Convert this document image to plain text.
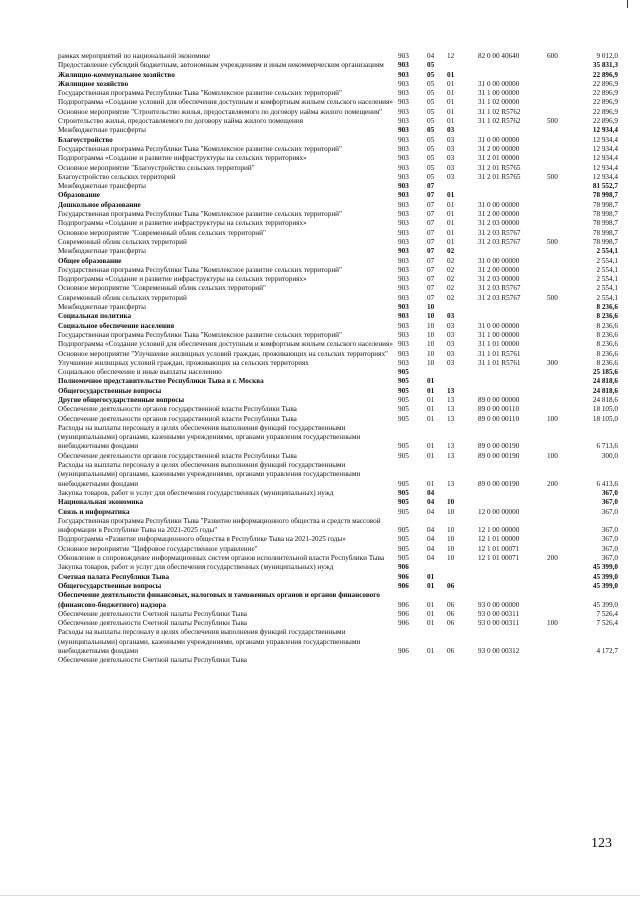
рамках мероприятий по национальной экономике
Предоставление субсидий бюджетным, автономным учреждениям и иным некоммерческим организациям
903	04	12	82 0 00 40640	600	9 012,0
Жилищно-коммунальное хозяйство
903	05	35 831,3
Жилищное хозяйство
903	05	01	22 896,9
Государственная программа Республики Тыва "Комплексное развитие сельских территорий"
903	05	01	31 0 00 00000	22 896,9
Подпрограмма «Создание условий для обеспечения доступным и комфортным жильем сельского населения»
903	05	01	31 1 00 00000	22 896,9
Основное мероприятие "Строительство жилья, предоставляемого по договору найма жилого помещения"
903	05	01	31 1 02 00000	22 896,9
Строительство жилья, предоставляемого по договору найма жилого помещения
903	05	01	31 1 02 R5762	22 896,9
Межбюджетные трансферты
903	05	01	31 1 02 R5762	500	22 896,9
Благоустройство
903	05	03	12 934,4
Государственная программа Республики Тыва "Комплексное развитие сельских территорий"
903	05	03	31 0 00 00000	12 934,4
Подпрограмма «Создание и развитие инфраструктуры на сельских территориях»
903	05	03	31 2 00 00000	12 934,4
Основное мероприятие "Благоустройство сельских территорий"
903	05	03	31 2 01 00000	12 934,4
Благоустройство сельских территорий
903	05	03	31 2 01 R5765	12 934,4
Межбюджетные трансферты
903	05	03	31 2 01 R5765	500	12 934,4
Образование
903	07	81 552,7
Дошкольное образование
903	07	01	78 998,7
Государственная программа Республики Тыва "Комплексное развитие сельских территорий"
903	07	01	31 0 00 00000	78 998,7
Подпрограмма «Создание и развитие инфраструктуры на сельских территориях»
903	07	01	31 2 00 00000	78 998,7
Основное мероприятие "Современный облик сельских территорий"
903	07	01	31 2 03 00000	78 998,7
Современный облик сельских территорий
903	07	01	31 2 03 R5767	78 998,7
Межбюджетные трансферты
903	07	01	31 2 03 R5767	500	78 998,7
Общее образование
903	07	02	2 554,1
Государственная программа Республики Тыва "Комплексное развитие сельских территорий"
903	07	02	31 0 00 00000	2 554,1
Подпрограмма «Создание и развитие инфраструктуры на сельских территориях»
903	07	02	31 2 00 00000	2 554,1
Основное мероприятие "Современный облик сельских территорий"
903	07	02	31 2 03 00000	2 554,1
Современный облик сельских территорий
903	07	02	31 2 03 R5767	2 554,1
Межбюджетные трансферты
903	07	02	31 2 03 R5767	500	2 554,1
Социальная политика
903	10	8 236,6
Социальное обеспечение населения
903	10	03	8 236,6
Государственная программа Республики Тыва "Комплексное развитие сельских территорий"
903	10	03	31 0 00 00000	8 236,6
Подпрограмма «Создание условий для обеспечения доступным и комфортным жильем сельского населения»
903	10	03	31 1 00 00000	8 236,6
Основное мероприятие "Улучшение жилищных условий граждан, проживающих на сельских территориях"
903	10	03	31 1 01 00000	8 236,6
Улучшение жилищных условий граждан, проживающих на сельских территориях
903	10	03	31 1 01 R5761	8 236,6
Социальное обеспечение и иные выплаты населению
903	10	03	31 1 01 R5761	300	8 236,6
Полномочное представительство Республики Тыва в г. Москва
905	25 185,6
Общегосударственные вопросы
905	01	24 818,6
Другие общегосударственные вопросы
905	01	13	24 818,6
Обеспечение деятельности органов государственной власти Республики Тыва
905	01	13	89 0 00 00000	24 818,6
Обеспечение деятельности органов государственной власти Республики Тыва
905	01	13	89 0 00 00110	18 105,0
Расходы на выплаты персоналу в целях обеспечения выполнения функций государственными (муниципальными) органами, казенными учреждениями, органами управления государственными внебюджетными фондами
905	01	13	89 0 00 00110	100	18 105,0
Обеспечение деятельности органов государственной власти Республики Тыва
905	01	13	89 0 00 00190	6 713,6
Расходы на выплаты персоналу в целях обеспечения выполнения функций государственными (муниципальными) органами, казенными учреждениями, органами управления государственными внебюджетными фондами
905	01	13	89 0 00 00190	100	300,0
Закупка товаров, работ и услуг для обеспечения государственных (муниципальных) нужд
905	01	13	89 0 00 00190	200	6 413,6
Национальная экономика
905	04	367,0
Связь и информатика
905	04	10	367,0
Государственная программа Республики Тыва "Развитие информационного общества и средств массовой информации в Республике Тыва на 2021-2025 годы"
905	04	10	12 0 00 00000	367,0
Подпрограмма «Развитие информационного общества в Республике Тыва на 2021-2025 годы»
905	04	10	12 1 00 00000	367,0
Основное мероприятие "Цифровое государственное управление"
905	04	10	12 1 01 00000	367,0
Обновление и сопровождение информационных систем органов исполнительной власти Республики Тыва
905	04	10	12 1 01 00071	367,0
Закупка товаров, работ и услуг для обеспечения государственных (муниципальных) нужд
905	04	10	12 1 01 00071	200	367,0
Счетная палата Республики Тыва
906	45 399,0
Общегосударственные вопросы
906	01	45 399,0
Обеспечение деятельности финансовых, налоговых и таможенных органов и органов финансового (финансово-бюджетного) надзора
906	01	06	45 399,0
Обеспечение деятельности Счетной палаты Республики Тыва
906	01	06	93 0 00 00000	45 399,0
Обеспечение деятельности Счетной палаты Республики Тыва
906	01	06	93 0 00 00311	7 526,4
Расходы на выплаты персоналу в целях обеспечения выполнения функций государственными (муниципальными) органами, казенными учреждениями, органами управления государственными внебюджетными фондами
906	01	06	93 0 00 00311	100	7 526,4
Обеспечение деятельности Счетной палаты Республики Тыва
906	01	06	93 0 00 00312	4 172,7
123
